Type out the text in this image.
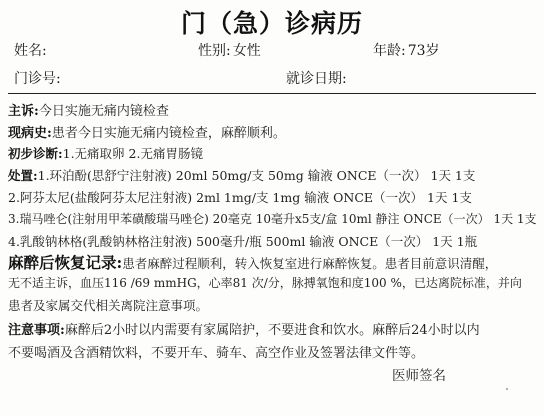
门（急）诊病历
姓名:	性别: 女性	年龄: 73岁
门诊号:	就诊日期:
主诉:今日实施无痛内镜检查
现病史:患者今日实施无痛内镜检查，麻醉顺利。
初步诊断:1.无痛取卵 2.无痛胃肠镜
处置:1.环泊酚(思舒宁注射液) 20ml 50mg/支 50mg 输液 ONCE（一次） 1天 1支
2.阿芬太尼(盐酸阿芬太尼注射液) 2ml 1mg/支 1mg 输液 ONCE（一次） 1天 1支
3.瑞马唑仑(注射用甲苯磺酸瑞马唑仑) 20毫克 10毫升x5支/盒 10ml 静注 ONCE（一次） 1天 1支
4.乳酸钠林格(乳酸钠林格注射液) 500毫升/瓶 500ml 输液 ONCE（一次） 1天 1瓶
麻醉后恢复记录:患者麻醉过程顺利，转入恢复室进行麻醉恢复。患者目前意识清醒，
无不适主诉，血压116 /69 mmHG，心率81 次/分，脉搏氧饱和度100 %，已达离院标准，并向
患者及家属交代相关离院注意事项。
注意事项:麻醉后2小时以内需要有家属陪护，不要进食和饮水。麻醉后24小时以内
不要喝酒及含酒精饮料，不要开车、骑车、高空作业及签署法律文件等。
医师签名
